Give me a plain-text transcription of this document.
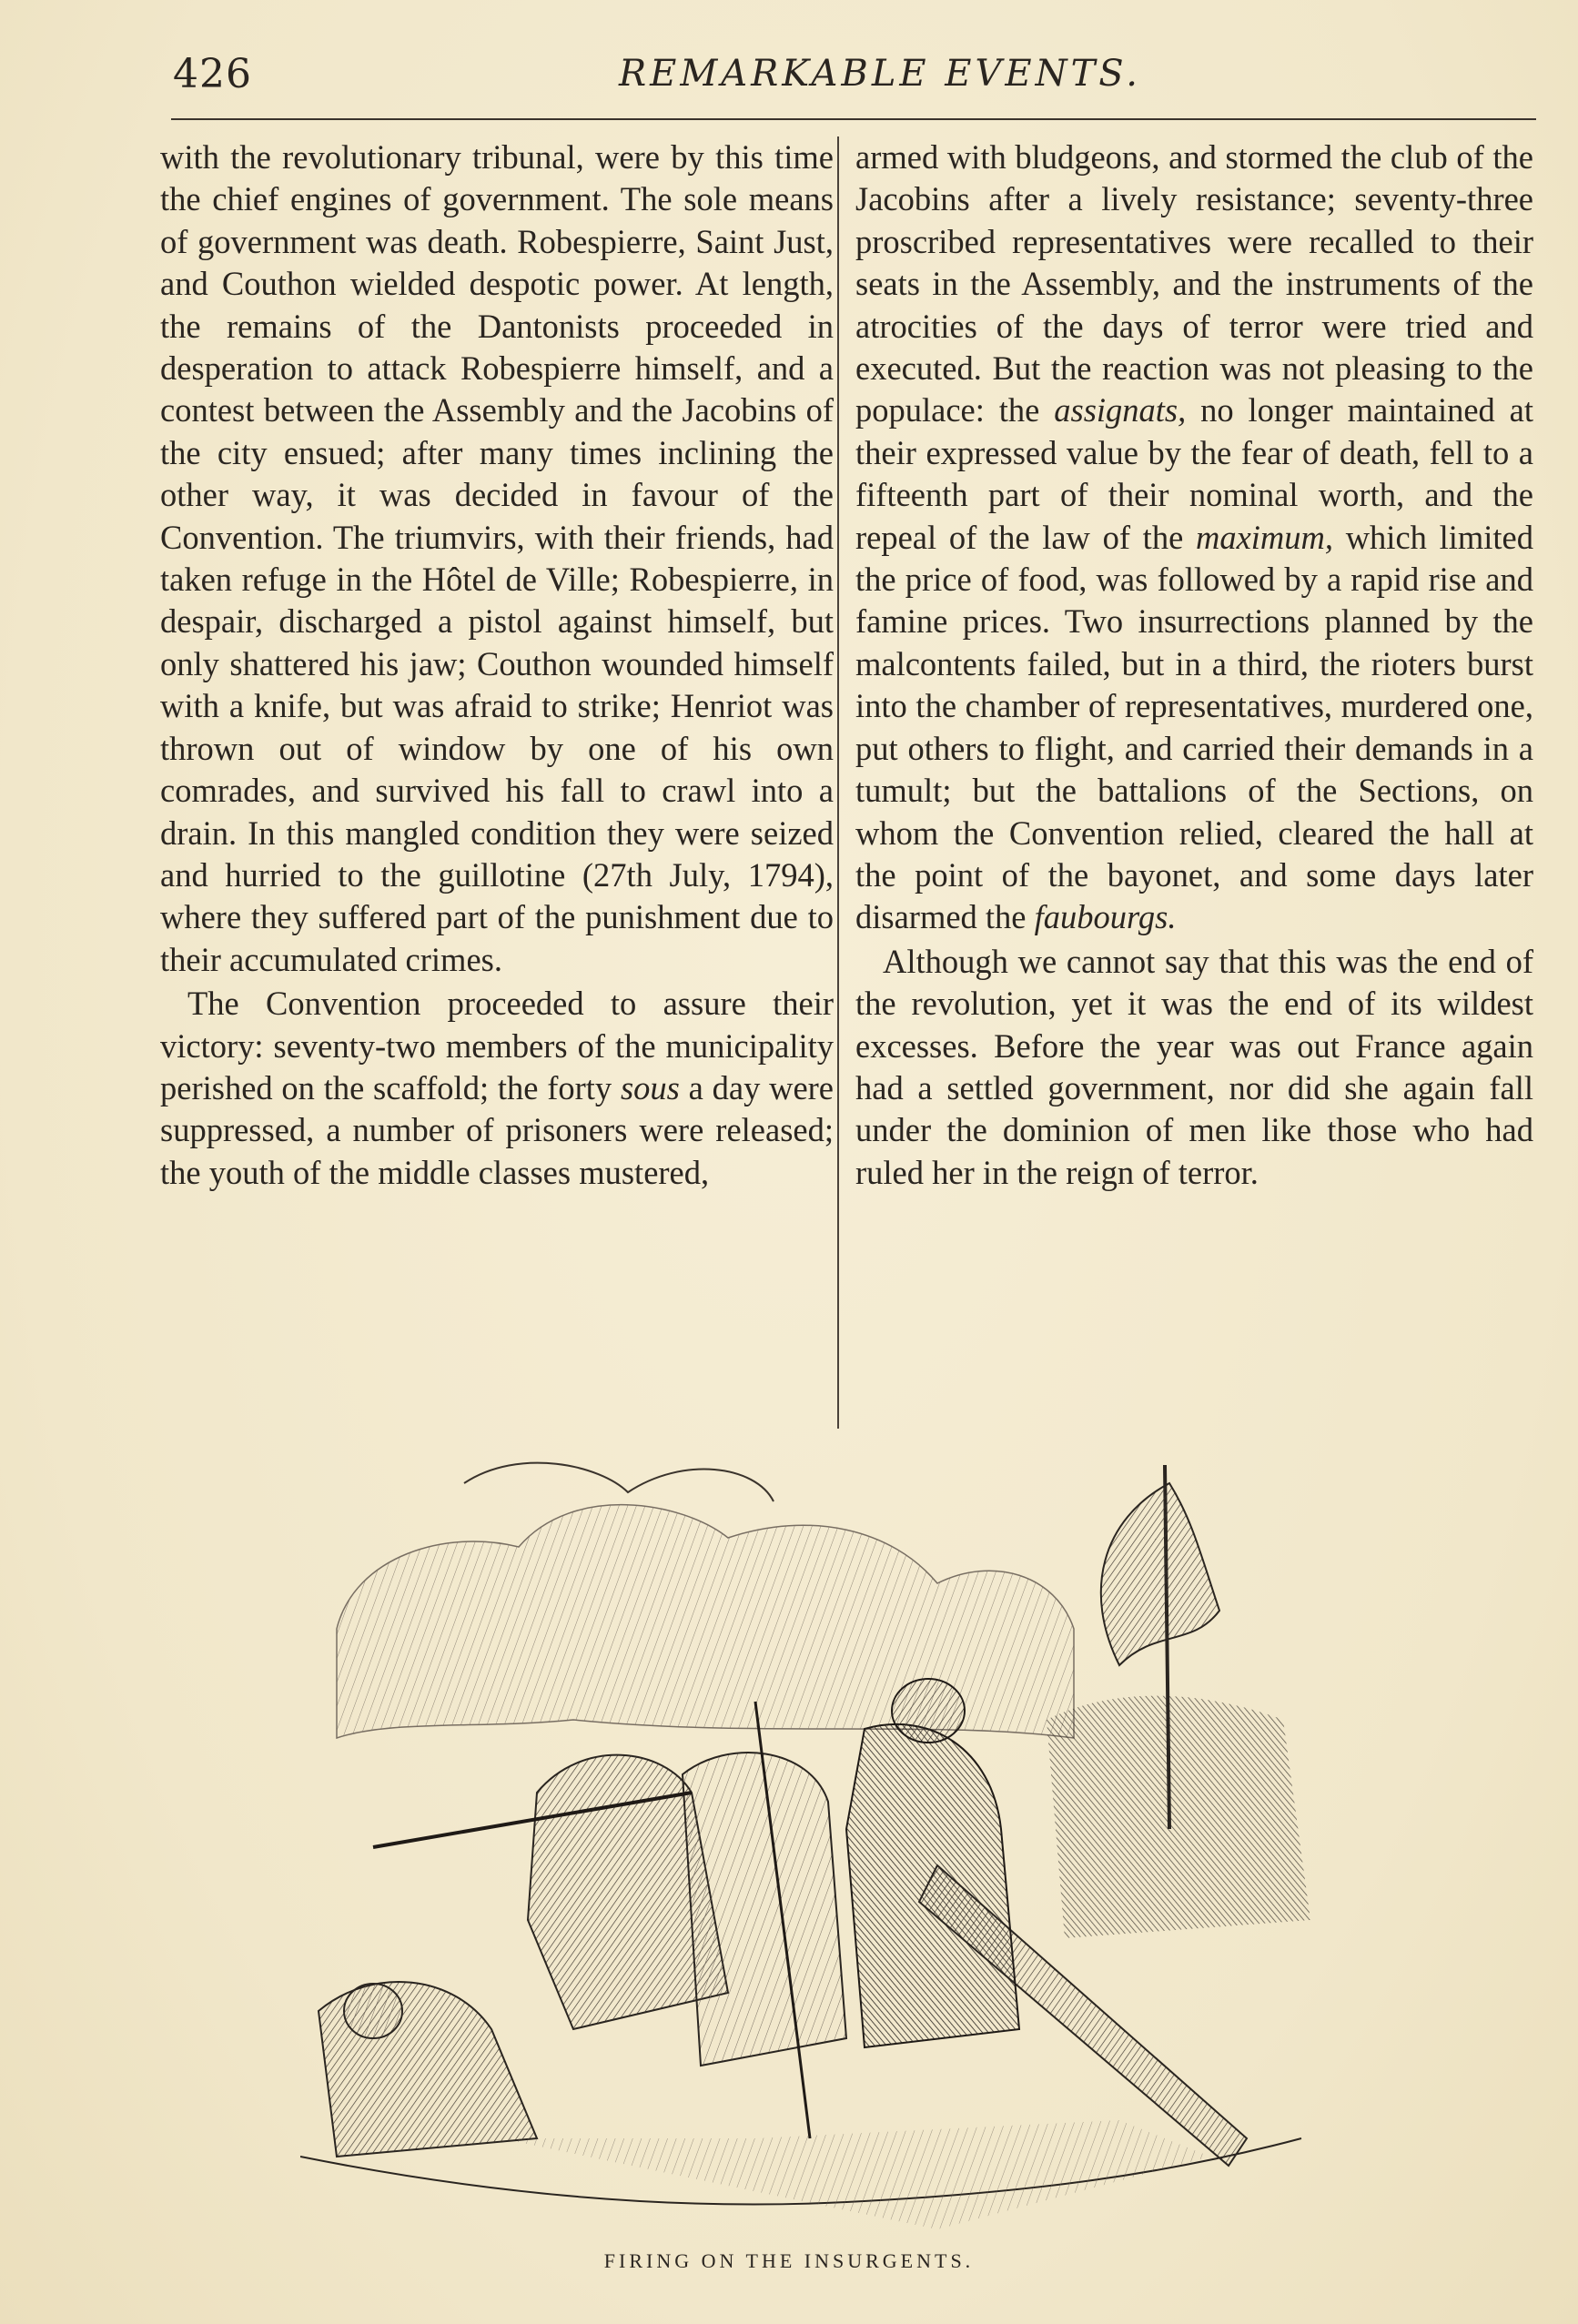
426	REMARKABLE EVENTS.

with the revolutionary tribunal, were by this time the chief engines of government. The sole means of government was death. Robespierre, Saint Just, and Couthon wielded despotic power. At length, the remains of the Dantonists proceeded in desperation to attack Robespierre himself, and a contest between the Assembly and the Jacobins of the city ensued; after many times inclining the other way, it was decided in favour of the Convention. The triumvirs, with their friends, had taken refuge in the Hôtel de Ville; Robespierre, in despair, discharged a pistol against himself, but only shattered his jaw; Couthon wounded himself with a knife, but was afraid to strike; Henriot was thrown out of window by one of his own comrades, and survived his fall to crawl into a drain. In this mangled condition they were seized and hurried to the guillotine (27th July, 1794), where they suffered part of the punishment due to their accumulated crimes.

The Convention proceeded to assure their victory: seventy-two members of the municipality perished on the scaffold; the forty sous a day were suppressed, a number of prisoners were released; the youth of the middle classes mustered,

armed with bludgeons, and stormed the club of the Jacobins after a lively resistance; seventy-three proscribed representatives were recalled to their seats in the Assembly, and the instruments of the atrocities of the days of terror were tried and executed. But the reaction was not pleasing to the populace: the assignats, no longer maintained at their expressed value by the fear of death, fell to a fifteenth part of their nominal worth, and the repeal of the law of the maximum, which limited the price of food, was followed by a rapid rise and famine prices. Two insurrections planned by the malcontents failed, but in a third, the rioters burst into the chamber of representatives, murdered one, put others to flight, and carried their demands in a tumult; but the battalions of the Sections, on whom the Convention relied, cleared the hall at the point of the bayonet, and some days later disarmed the faubourgs.

Although we cannot say that this was the end of the revolution, yet it was the end of its wildest excesses. Before the year was out France again had a settled government, nor did she again fall under the dominion of men like those who had ruled her in the reign of terror.

FIRING ON THE INSURGENTS.
